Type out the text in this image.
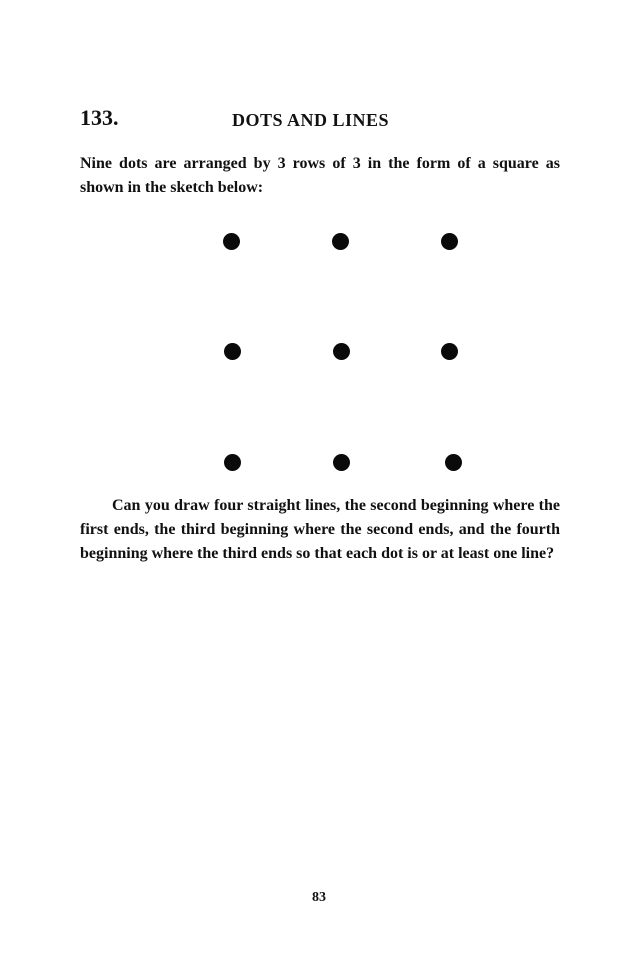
133.	DOTS AND LINES
Nine dots are arranged by 3 rows of 3 in the form of a square as shown in the sketch below:

Can you draw four straight lines, the second beginning where the first ends, the third beginning where the second ends, and the fourth beginning where the third ends so that each dot is or at least one line?

83
